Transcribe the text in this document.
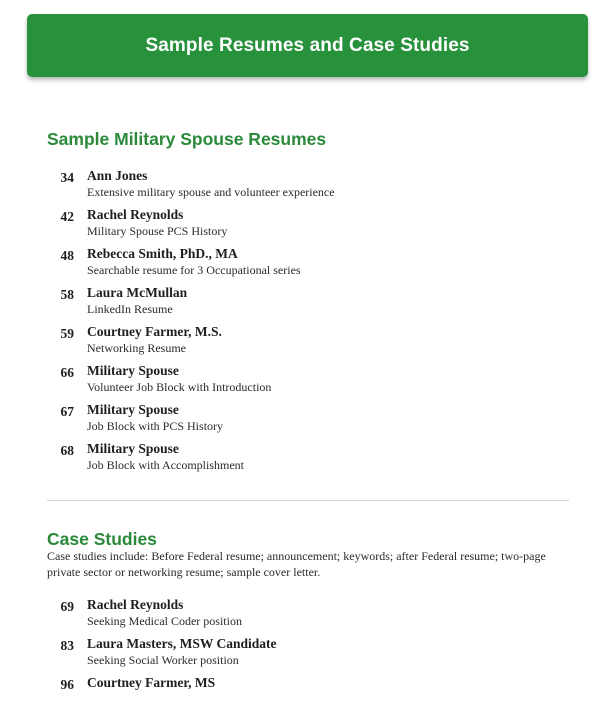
Sample Resumes and Case Studies
Sample Military Spouse Resumes
34 Ann Jones
Extensive military spouse and volunteer experience
42 Rachel Reynolds
Military Spouse PCS History
48 Rebecca Smith, PhD., MA
Searchable resume for 3 Occupational series
58 Laura McMullan
LinkedIn Resume
59 Courtney Farmer, M.S.
Networking Resume
66 Military Spouse
Volunteer Job Block with Introduction
67 Military Spouse
Job Block with PCS History
68 Military Spouse
Job Block with Accomplishment
Case Studies

Case studies include: Before Federal resume; announcement; keywords; after Federal resume; two-page private sector or networking resume; sample cover letter.

69 Rachel Reynolds
Seeking Medical Coder position
83 Laura Masters, MSW Candidate
Seeking Social Worker position
96 Courtney Farmer, MS
